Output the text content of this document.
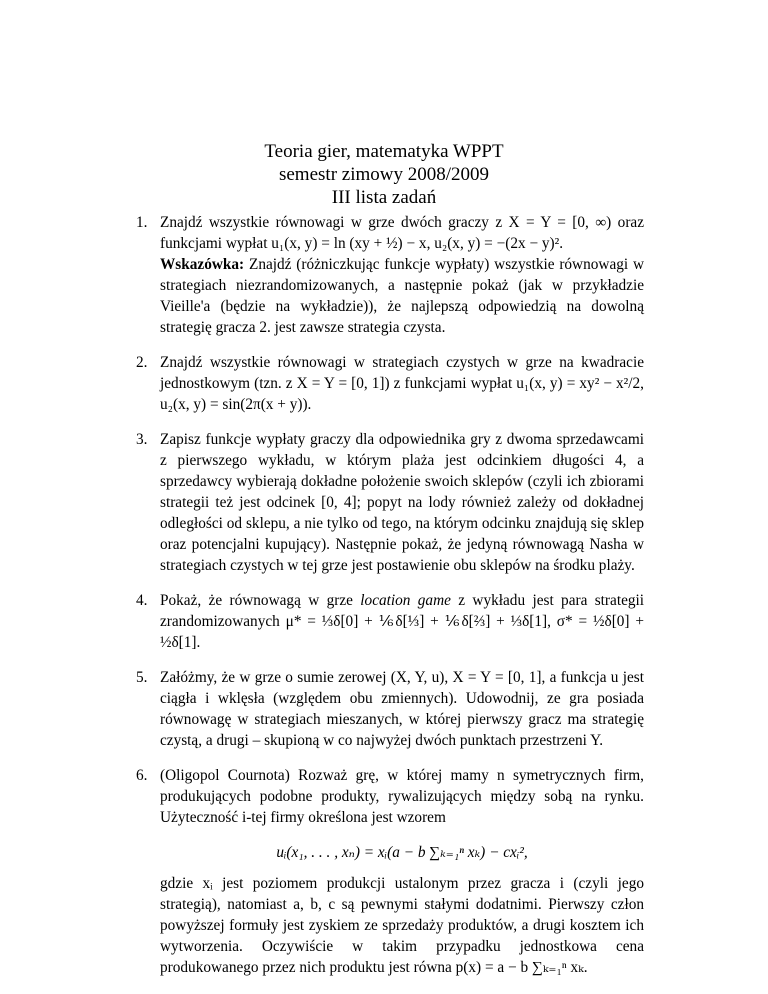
Teoria gier, matematyka WPPT
semestr zimowy 2008/2009
III lista zadań
1. Znajdź wszystkie równowagi w grze dwóch graczy z X = Y = [0, ∞) oraz funkcjami wypłat u₁(x, y) = ln (xy + ½) − x, u₂(x, y) = −(2x − y)².
Wskazówka: Znajdź (różniczkując funkcje wypłaty) wszystkie równowagi w strategiach niezrandomizowanych, a następnie pokaż (jak w przykładzie Vieille'a (będzie na wykładzie)), że najlepszą odpowiedzią na dowolną strategię gracza 2. jest zawsze strategia czysta.
2. Znajdź wszystkie równowagi w strategiach czystych w grze na kwadracie jednostkowym (tzn. z X = Y = [0, 1]) z funkcjami wypłat u₁(x, y) = xy² − x²/2, u₂(x, y) = sin(2π(x + y)).
3. Zapisz funkcje wypłaty graczy dla odpowiednika gry z dwoma sprzedawcami z pierwszego wykładu, w którym plaża jest odcinkiem długości 4, a sprzedawcy wybierają dokładne położenie swoich sklepów (czyli ich zbiorami strategii też jest odcinek [0, 4]; popyt na lody również zależy od dokładnej odległości od sklepu, a nie tylko od tego, na którym odcinku znajdują się sklep oraz potencjalni kupujący). Następnie pokaż, że jedyną równowagą Nasha w strategiach czystych w tej grze jest postawienie obu sklepów na środku plaży.
4. Pokaż, że równowagą w grze location game z wykładu jest para strategii zrandomizowanych μ* = ⅓δ[0] + ⅙δ[⅓] + ⅙δ[⅔] + ⅓δ[1], σ* = ½δ[0] + ½δ[1].
5. Załóżmy, że w grze o sumie zerowej (X, Y, u), X = Y = [0, 1], a funkcja u jest ciągła i wklęsła (względem obu zmiennych). Udowodnij, ze gra posiada równowagę w strategiach mieszanych, w której pierwszy gracz ma strategię czystą, a drugi – skupioną w co najwyżej dwóch punktach przestrzeni Y.
6. (Oligopol Cournota) Rozważ grę, w której mamy n symetrycznych firm, produkujących podobne produkty, rywalizujących między sobą na rynku. Użyteczność i-tej firmy określona jest wzorem
uᵢ(x₁, . . . , xₙ) = xᵢ(a − b ∑ₖ₌₁ⁿ xₖ) − cxᵢ²,
gdzie xᵢ jest poziomem produkcji ustalonym przez gracza i (czyli jego strategią), natomiast a, b, c są pewnymi stałymi dodatnimi. Pierwszy człon powyższej formuły jest zyskiem ze sprzedaży produktów, a drugi kosztem ich wytworzenia. Oczywiście w takim przypadku jednostkowa cena produkowanego przez nich produktu jest równa p(x) = a − b ∑ₖ₌₁ⁿ xₖ.
